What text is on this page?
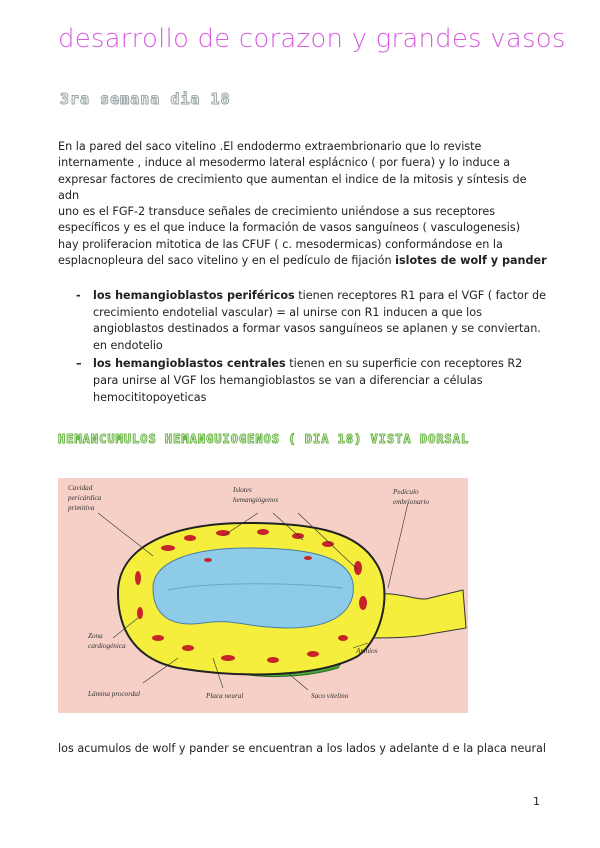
desarrollo de corazon y grandes vasos
3ra semana dia 18
En la pared del saco vitelino .El endodermo extraembrionario que lo reviste
internamente , induce al mesodermo lateral esplácnico ( por fuera) y lo induce a
expresar factores de crecimiento que aumentan el indice de la mitosis y síntesis de
adn
uno es el FGF-2 transduce señales de crecimiento uniéndose a sus receptores
específicos y es el que induce la formación de vasos sanguíneos ( vasculogenesis)
hay proliferacion mitotica de las CFUF ( c. mesodermicas) conformándose en la
esplacnopleura del saco vitelino y en el pedículo de fijación islotes de wolf y pander
- los hemangioblastos periféricos tienen receptores R1 para el VGF ( factor de crecimiento endotelial vascular) = al unirse con R1 inducen a que los angioblastos destinados a formar vasos sanguíneos se aplanen y se conviertan. en endotelio
– los hemangioblastos centrales tienen en su superficie con receptores R2 para unirse al VGF los hemangioblastos se van a diferenciar a células hemocititopoyeticas
HEMANCUMULOS HEMANGUIOGENOS ( DIA 18) VISTA DORSAL
Cavidad
pericárdica
primitiva
Islotes
hemangiógenos
Pedículo
embrionario
Zona
cardiogénica
Amnios
Lámina procordal	Placa neural	Saco vitelino
los acumulos de wolf y pander se encuentran a los lados y adelante d e la placa neural
1
